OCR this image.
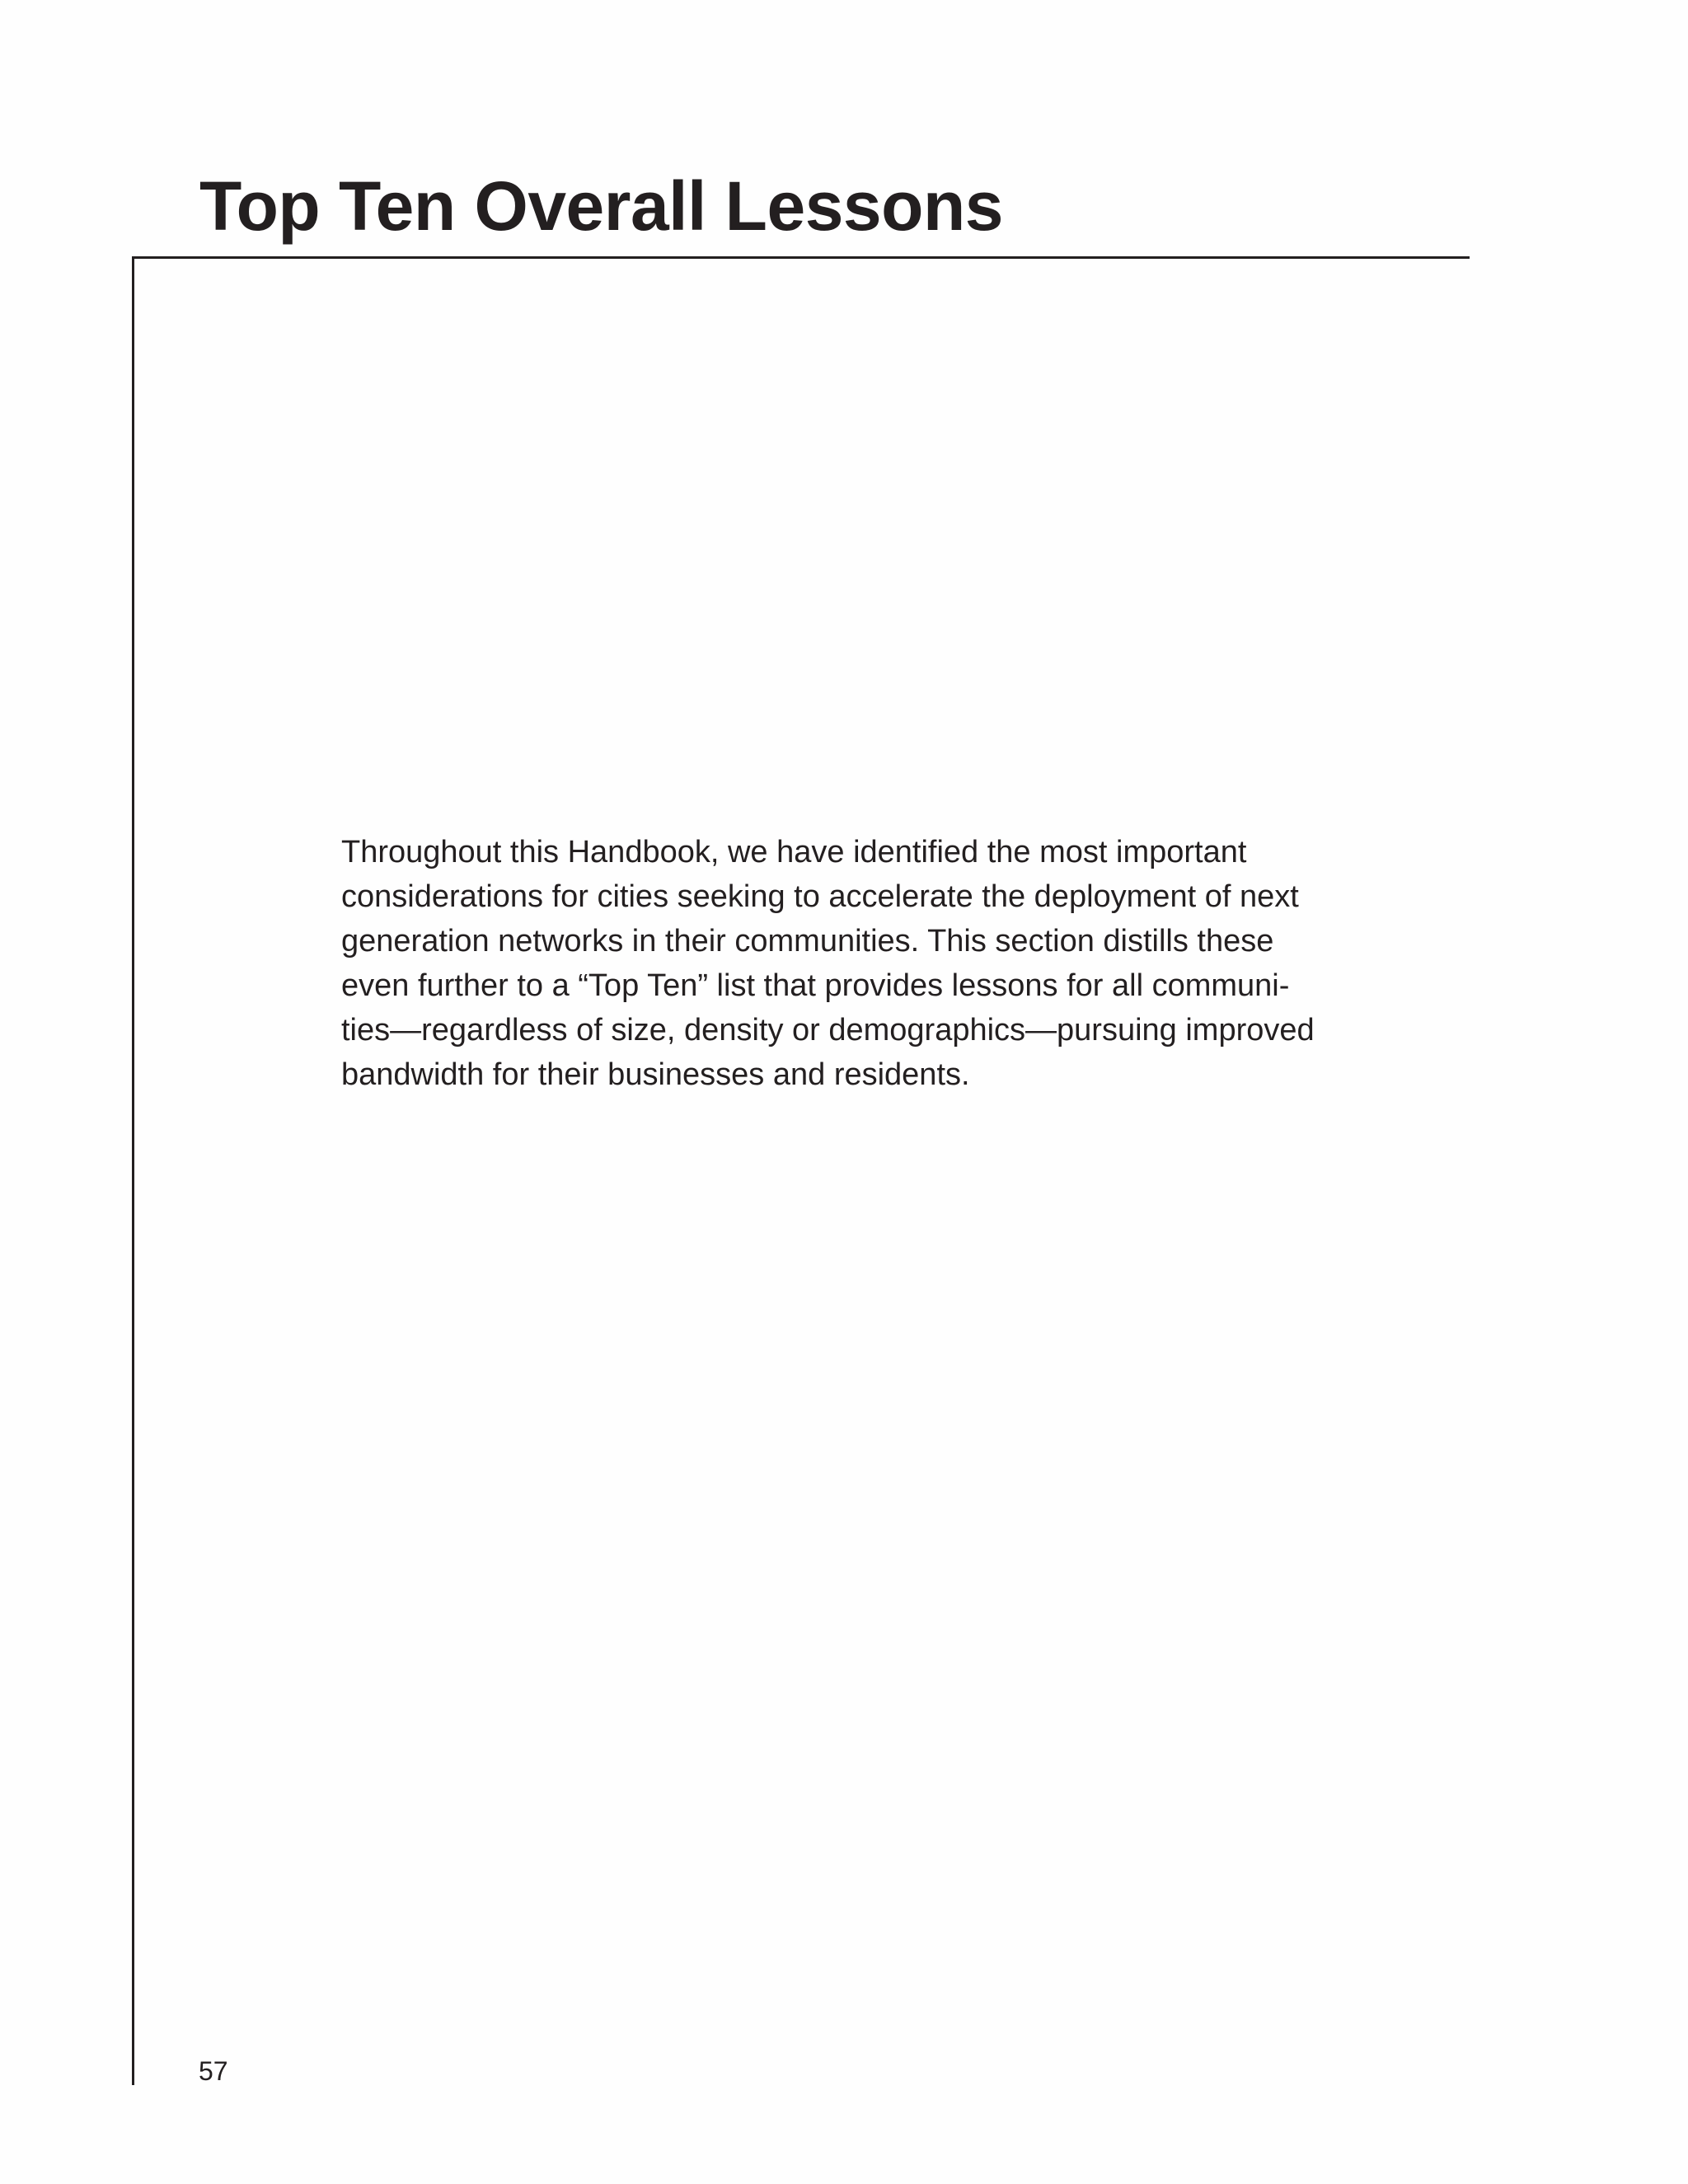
Top Ten Overall Lessons

Throughout this Handbook, we have identified the most important
considerations for cities seeking to accelerate the deployment of next
generation networks in their communities. This section distills these
even further to a “Top Ten” list that provides lessons for all communi-
ties—regardless of size, density or demographics—pursuing improved
bandwidth for their businesses and residents.

57
